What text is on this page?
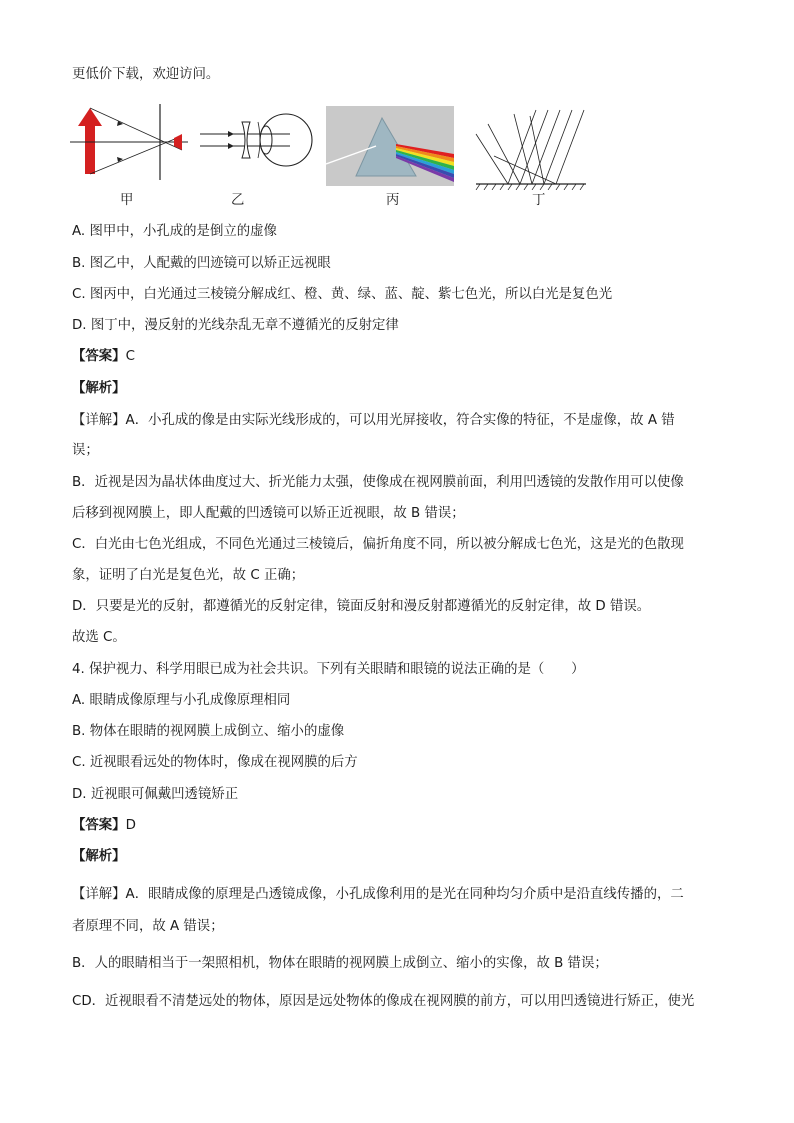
更低价下载，欢迎访问。
甲	乙	丙	丁
A. 图甲中，小孔成的是倒立的虚像
B. 图乙中，人配戴的凹迹镜可以矫正远视眼
C. 图丙中，白光通过三棱镜分解成红、橙、黄、绿、蓝、靛、紫七色光，所以白光是复色光
D. 图丁中，漫反射的光线杂乱无章不遵循光的反射定律
【答案】C
【解析】
【详解】A．小孔成的像是由实际光线形成的，可以用光屏接收，符合实像的特征，不是虚像，故 A 错
误；
B．近视是因为晶状体曲度过大、折光能力太强，使像成在视网膜前面，利用凹透镜的发散作用可以使像
后移到视网膜上，即人配戴的凹透镜可以矫正近视眼，故 B 错误；
C．白光由七色光组成，不同色光通过三棱镜后，偏折角度不同，所以被分解成七色光，这是光的色散现
象，证明了白光是复色光，故 C 正确；
D．只要是光的反射，都遵循光的反射定律，镜面反射和漫反射都遵循光的反射定律，故 D 错误。
故选 C。
4. 保护视力、科学用眼已成为社会共识。下列有关眼睛和眼镜的说法正确的是（　　）
A. 眼睛成像原理与小孔成像原理相同
B. 物体在眼睛的视网膜上成倒立、缩小的虚像
C. 近视眼看远处的物体时，像成在视网膜的后方
D. 近视眼可佩戴凹透镜矫正
【答案】D
【解析】
【详解】A．眼睛成像的原理是凸透镜成像，小孔成像利用的是光在同种均匀介质中是沿直线传播的，二
者原理不同，故 A 错误；
B．人的眼睛相当于一架照相机，物体在眼睛的视网膜上成倒立、缩小的实像，故 B 错误；
CD．近视眼看不清楚远处的物体，原因是远处物体的像成在视网膜的前方，可以用凹透镜进行矫正，使光
